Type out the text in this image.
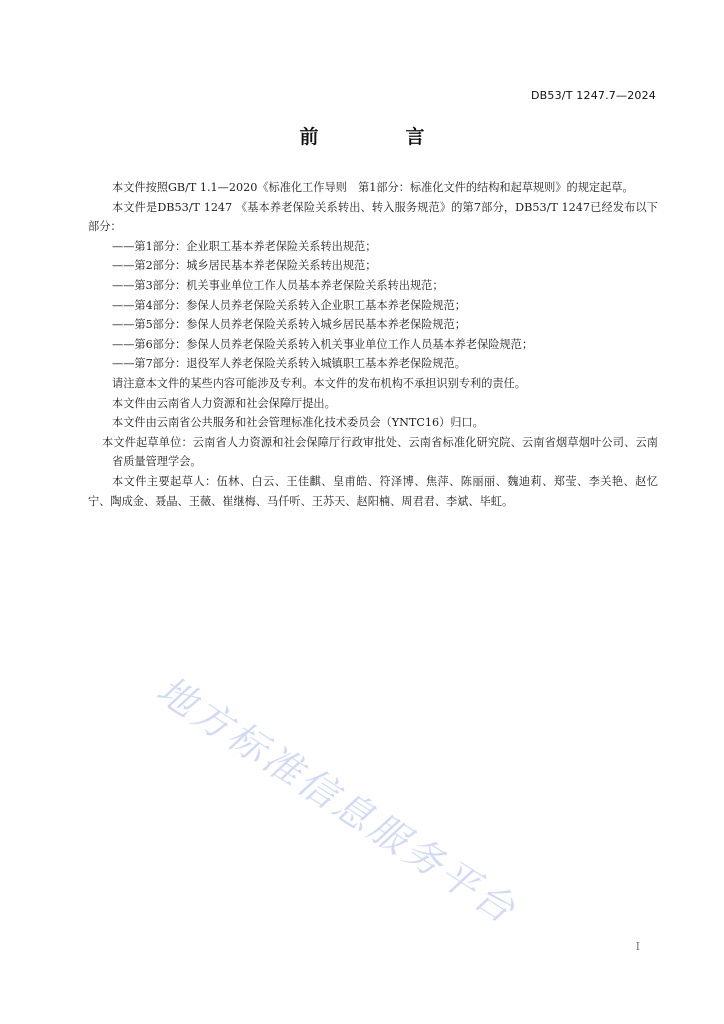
DB53/T 1247.7—2024
前　言

本文件按照GB/T 1.1—2020《标准化工作导则　第1部分：标准化文件的结构和起草规则》的规定起草。

本文件是DB53/T 1247 《基本养老保险关系转出、转入服务规范》的第7部分，DB53/T 1247已经发布以下部分：

——第1部分：企业职工基本养老保险关系转出规范；

——第2部分：城乡居民基本养老保险关系转出规范；

——第3部分：机关事业单位工作人员基本养老保险关系转出规范；

——第4部分：参保人员养老保险关系转入企业职工基本养老保险规范；

——第5部分：参保人员养老保险关系转入城乡居民基本养老保险规范；

——第6部分：参保人员养老保险关系转入机关事业单位工作人员基本养老保险规范；

——第7部分：退役军人养老保险关系转入城镇职工基本养老保险规范。

请注意本文件的某些内容可能涉及专利。本文件的发布机构不承担识别专利的责任。

本文件由云南省人力资源和社会保障厅提出。

本文件由云南省公共服务和社会管理标准化技术委员会（YNTC16）归口。

本文件起草单位：云南省人力资源和社会保障厅行政审批处、云南省标准化研究院、云南省烟草烟叶公司、云南省质量管理学会。

本文件主要起草人：伍林、白云、王佳麒、皇甫皓、符泽博、焦萍、陈丽丽、魏迪莉、郑莹、李关艳、赵忆宁、陶成金、聂晶、王薇、崔继梅、马仟听、王苏天、赵阳楠、周君君、李斌、毕虹。

地方标准信息服务平台
I
